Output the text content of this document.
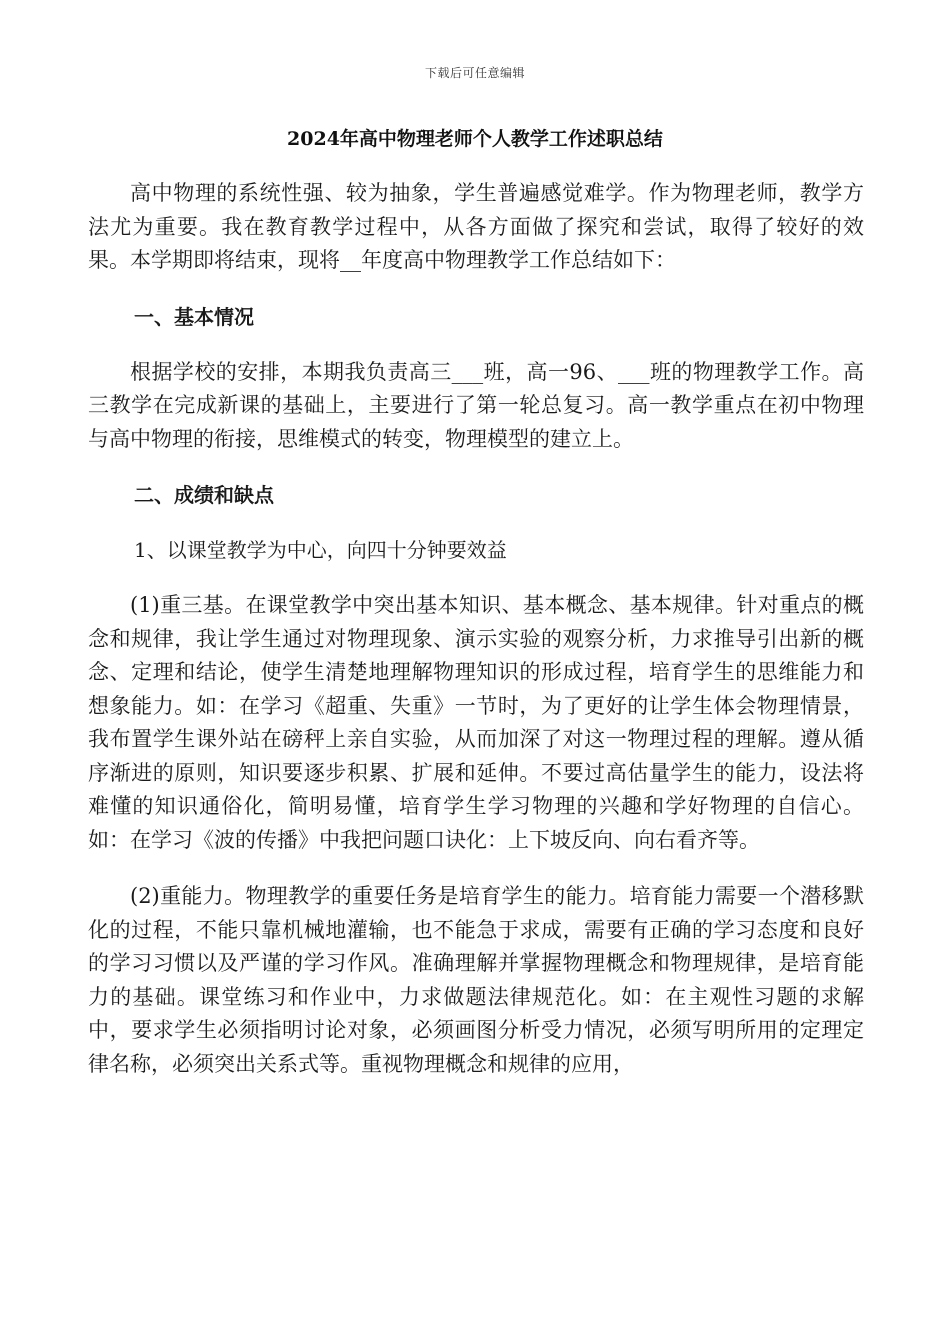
下载后可任意编辑
2024年高中物理老师个人教学工作述职总结

高中物理的系统性强、较为抽象，学生普遍感觉难学。作为物理老师，教学方法尤为重要。我在教育教学过程中，从各方面做了探究和尝试，取得了较好的效果。本学期即将结束，现将__年度高中物理教学工作总结如下：

一、基本情况

根据学校的安排，本期我负责高三___班，高一96、___班的物理教学工作。高三教学在完成新课的基础上，主要进行了第一轮总复习。高一教学重点在初中物理与高中物理的衔接，思维模式的转变，物理模型的建立上。

二、成绩和缺点

1、以课堂教学为中心，向四十分钟要效益

(1)重三基。在课堂教学中突出基本知识、基本概念、基本规律。针对重点的概念和规律，我让学生通过对物理现象、演示实验的观察分析，力求推导引出新的概念、定理和结论，使学生清楚地理解物理知识的形成过程，培育学生的思维能力和想象能力。如：在学习《超重、失重》一节时，为了更好的让学生体会物理情景，我布置学生课外站在磅秤上亲自实验，从而加深了对这一物理过程的理解。遵从循序渐进的原则，知识要逐步积累、扩展和延伸。不要过高估量学生的能力，设法将难懂的知识通俗化，简明易懂，培育学生学习物理的兴趣和学好物理的自信心。如：在学习《波的传播》中我把问题口诀化：上下坡反向、向右看齐等。

(2)重能力。物理教学的重要任务是培育学生的能力。培育能力需要一个潜移默化的过程，不能只靠机械地灌输，也不能急于求成，需要有正确的学习态度和良好的学习习惯以及严谨的学习作风。准确理解并掌握物理概念和物理规律，是培育能力的基础。课堂练习和作业中，力求做题法律规范化。如：在主观性习题的求解中，要求学生必须指明讨论对象，必须画图分析受力情况，必须写明所用的定理定律名称，必须突出关系式等。重视物理概念和规律的应用，
